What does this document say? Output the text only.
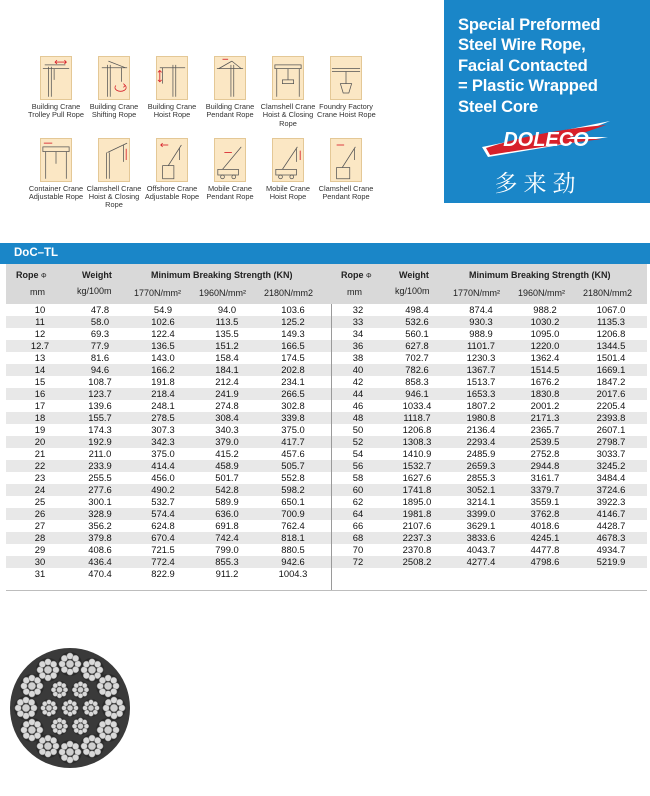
Building Crane
Trolley Pull Rope
Building Crane
Shifting Rope
Building Crane
Hoist Rope
Building Crane
Pendant Rope
Clamshell Crane
Hoist & Closing
Rope
Foundry Factory
Crane Hoist Rope
Container Crane
Adjustable Rope
Clamshell Crane
Hoist & Closing
Rope
Offshore Crane
Adjustable Rope
Mobile Crane
Pendant Rope
Mobile Crane
Hoist Rope
Clamshell Crane
Pendant Rope
Special Preformed
Steel Wire Rope,
Facial Contacted
= Plastic Wrapped
Steel Core
DOLECO
多来劲
DoC–TL
Rope Φ
mm
Weight
kg/100m
Minimum Breaking Strength (KN)
1770N/mm² 1960N/mm² 2180N/mm2
Rope Φ
mm
Weight
kg/100m
Minimum Breaking Strength (KN)
1770N/mm² 1960N/mm² 2180N/mm2
10	47.8	54.9	94.0	103.6
11	58.0	102.6	113.5	125.2
12	69.3	122.4	135.5	149.3
12.7	77.9	136.5	151.2	166.5
13	81.6	143.0	158.4	174.5
14	94.6	166.2	184.1	202.8
15	108.7	191.8	212.4	234.1
16	123.7	218.4	241.9	266.5
17	139.6	248.1	274.8	302.8
18	155.7	278.5	308.4	339.8
19	174.3	307.3	340.3	375.0
20	192.9	342.3	379.0	417.7
21	211.0	375.0	415.2	457.6
22	233.9	414.4	458.9	505.7
23	255.5	456.0	501.7	552.8
24	277.6	490.2	542.8	598.2
25	300.1	532.7	589.9	650.1
26	328.9	574.4	636.0	700.9
27	356.2	624.8	691.8	762.4
28	379.8	670.4	742.4	818.1
29	408.6	721.5	799.0	880.5
30	436.4	772.4	855.3	942.6
31	470.4	822.9	911.2	1004.3
32	498.4	874.4	988.2	1067.0
33	532.6	930.3	1030.2	1135.3
34	560.1	988.9	1095.0	1206.8
36	627.8	1101.7	1220.0	1344.5
38	702.7	1230.3	1362.4	1501.4
40	782.6	1367.7	1514.5	1669.1
42	858.3	1513.7	1676.2	1847.2
44	946.1	1653.3	1830.8	2017.6
46	1033.4	1807.2	2001.2	2205.4
48	1118.7	1980.8	2171.3	2393.8
50	1206.8	2136.4	2365.7	2607.1
52	1308.3	2293.4	2539.5	2798.7
54	1410.9	2485.9	2752.8	3033.7
56	1532.7	2659.3	2944.8	3245.2
58	1627.6	2855.3	3161.7	3484.4
60	1741.8	3052.1	3379.7	3724.6
62	1895.0	3214.1	3559.1	3922.3
64	1981.8	3399.0	3762.8	4146.7
66	2107.6	3629.1	4018.6	4428.7
68	2237.3	3833.6	4245.1	4678.3
70	2370.8	4043.7	4477.8	4934.7
72	2508.2	4277.4	4798.6	5219.9
